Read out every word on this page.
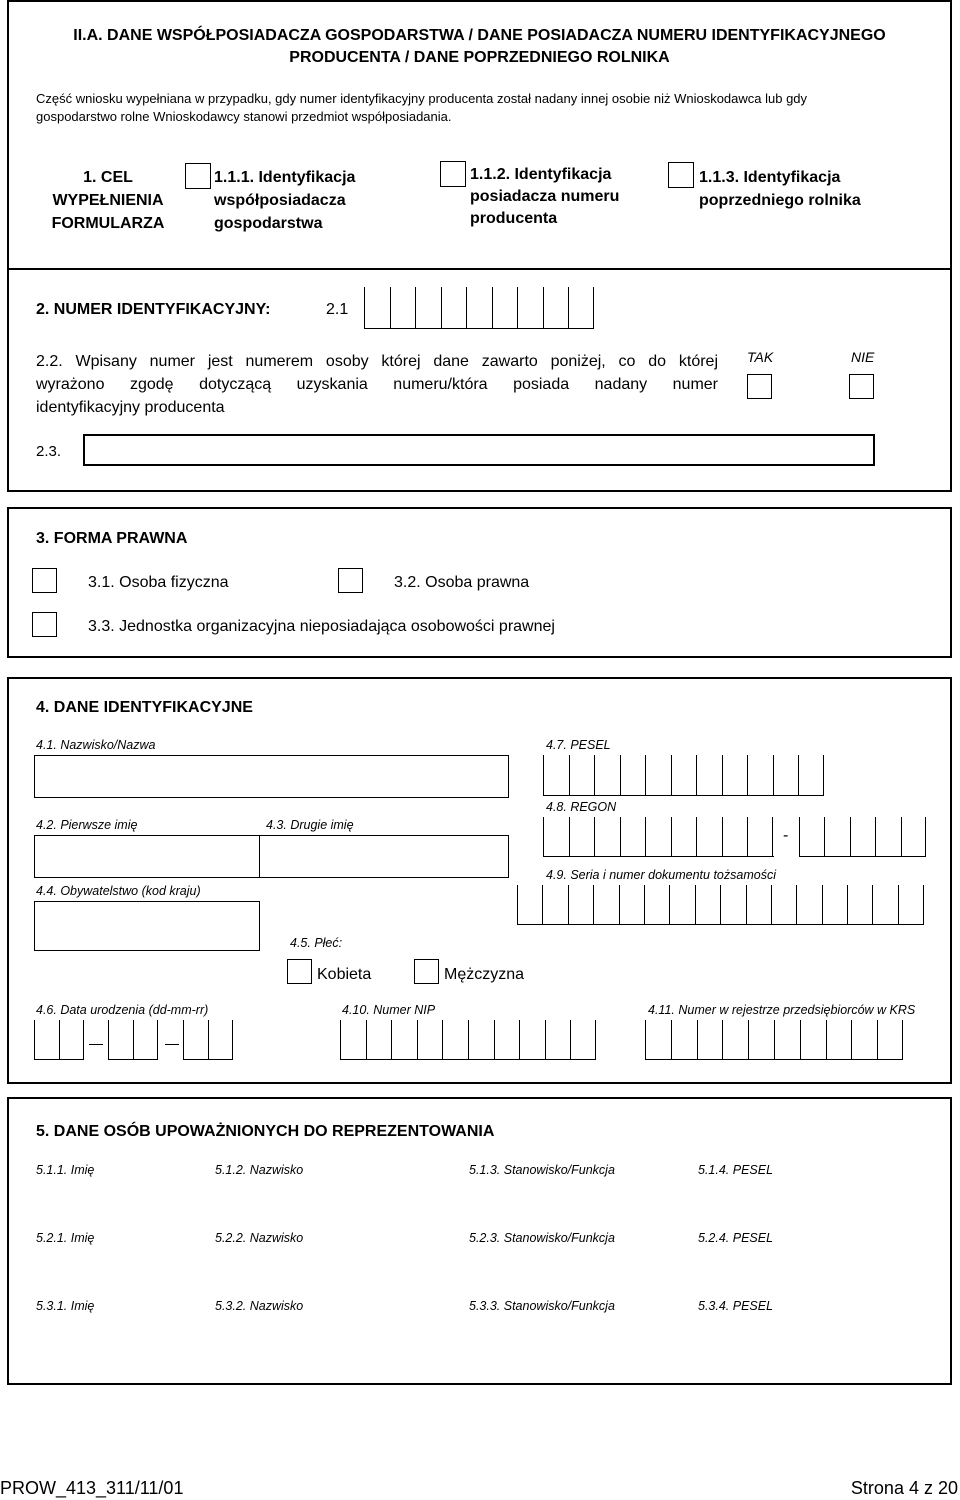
II.A. DANE WSPÓŁPOSIADACZA GOSPODARSTWA / DANE POSIADACZA NUMERU IDENTYFIKACYJNEGO
PRODUCENTA / DANE POPRZEDNIEGO ROLNIKA
Część wniosku wypełniana w przypadku, gdy numer identyfikacyjny producenta został nadany innej osobie niż Wnioskodawca lub gdy
gospodarstwo rolne Wnioskodawcy stanowi przedmiot współposiadania.
1. CEL
WYPEŁNIENIA
FORMULARZA
1.1.1. Identyfikacja
współposiadacza
gospodarstwa
1.1.2. Identyfikacja
posiadacza numeru
producenta
1.1.3. Identyfikacja
poprzedniego rolnika
2. NUMER IDENTYFIKACYJNY:	2.1
2.2. Wpisany numer jest numerem osoby której dane zawarto poniżej, co do której
wyrażono zgodę dotyczącą uzyskania numeru/która posiada nadany numer
identyfikacyjny producenta
TAK	NIE
2.3.
3. FORMA PRAWNA
3.1. Osoba fizyczna	3.2. Osoba prawna
3.3. Jednostka organizacyjna nieposiadająca osobowości prawnej
4. DANE IDENTYFIKACYJNE
4.1. Nazwisko/Nazwa	4.7. PESEL
4.8. REGON
-
4.2. Pierwsze imię	4.3. Drugie imię
4.4. Obywatelstwo (kod kraju)
4.9. Seria i numer dokumentu tożsamości
4.5. Płeć:
Kobieta	Mężczyzna
4.6. Data urodzenia (dd-mm-rr)	4.10. Numer NIP	4.11. Numer w rejestrze przedsiębiorców w KRS
5. DANE OSÓB UPOWAŻNIONYCH DO REPREZENTOWANIA
5.1.1. Imię	5.1.2. Nazwisko	5.1.3. Stanowisko/Funkcja	5.1.4. PESEL
5.2.1. Imię	5.2.2. Nazwisko	5.2.3. Stanowisko/Funkcja	5.2.4. PESEL
5.3.1. Imię	5.3.2. Nazwisko	5.3.3. Stanowisko/Funkcja	5.3.4. PESEL
PROW_413_311/11/01	Strona 4 z 20
